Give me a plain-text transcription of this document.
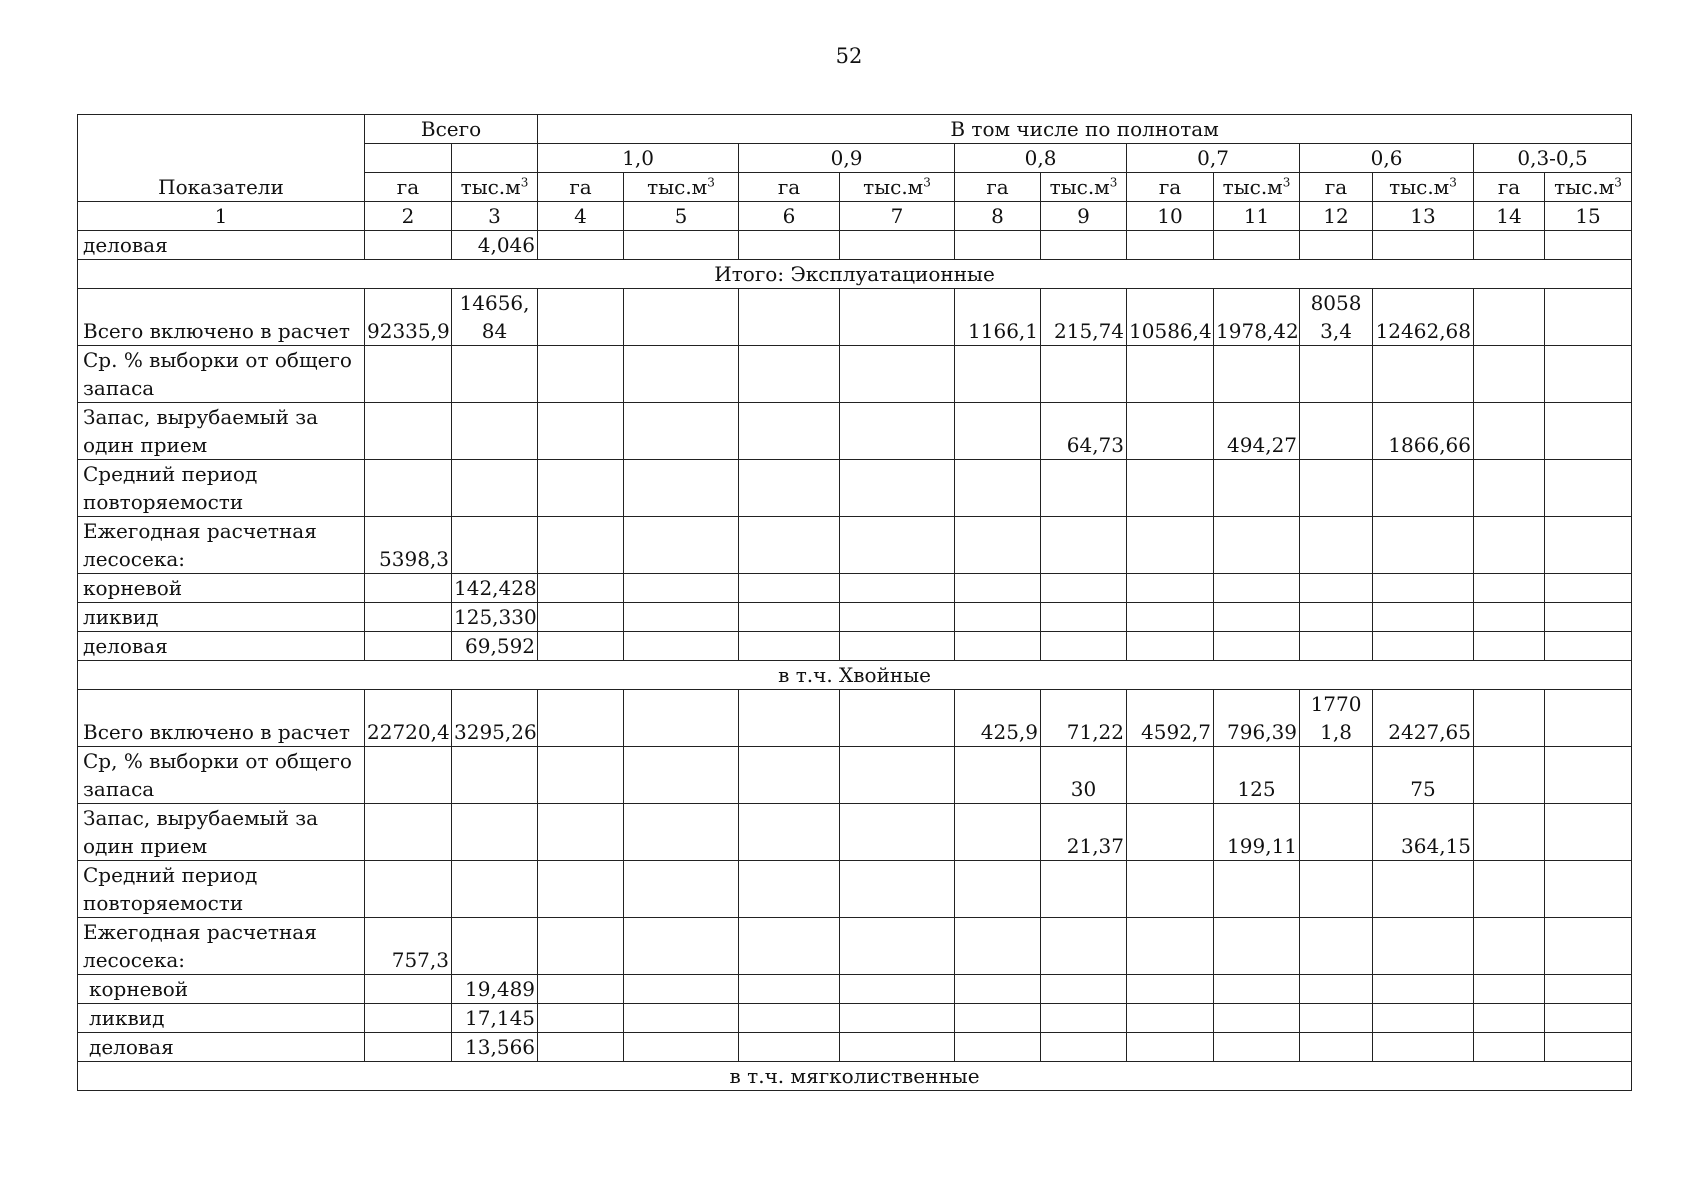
52
Показатели	Всего		В том числе по полнотам											
			1,0		0,9		0,8		0,7		0,6		0,3-0,5	
	га	$тыс.м^3$	га	$тыс.м^3$	га	$тыс.м^3$	га	$тыс.м^3$	га	$тыс.м^3$	га	$тыс.м^3$	га	$тыс.м^3$
1	2	3	4	5	6	7	8	9	10	11	12	13	14	15
деловая		4,046												
Итого: Эксплуатационные														
Всего включено в расчет	92335,9	14656,84					1166,1	215,74	10586,4	1978,42	80583,4	12462,68		
Ср. % выборки от общего запаса														
Запас, вырубаемый за один прием								64,73		494,27		1866,66		
Средний период повторяемости														
Ежегодная расчетная лесосека:	5398,3													
корневой		142,428												
ликвид		125,330												
деловая		69,592												
в т.ч. Хвойные														
Всего включено в расчет	22720,4	3295,26					425,9	71,22	4592,7	796,39	17701,8	2427,65		
Ср, % выборки от общего запаса								30		125		75		
Запас, вырубаемый за один прием								21,37		199,11		364,15		
Средний период повторяемости														
Ежегодная расчетная лесосека:	757,3													
корневой		19,489												
ликвид		17,145												
деловая		13,566												
в т.ч. мягколиственные														
